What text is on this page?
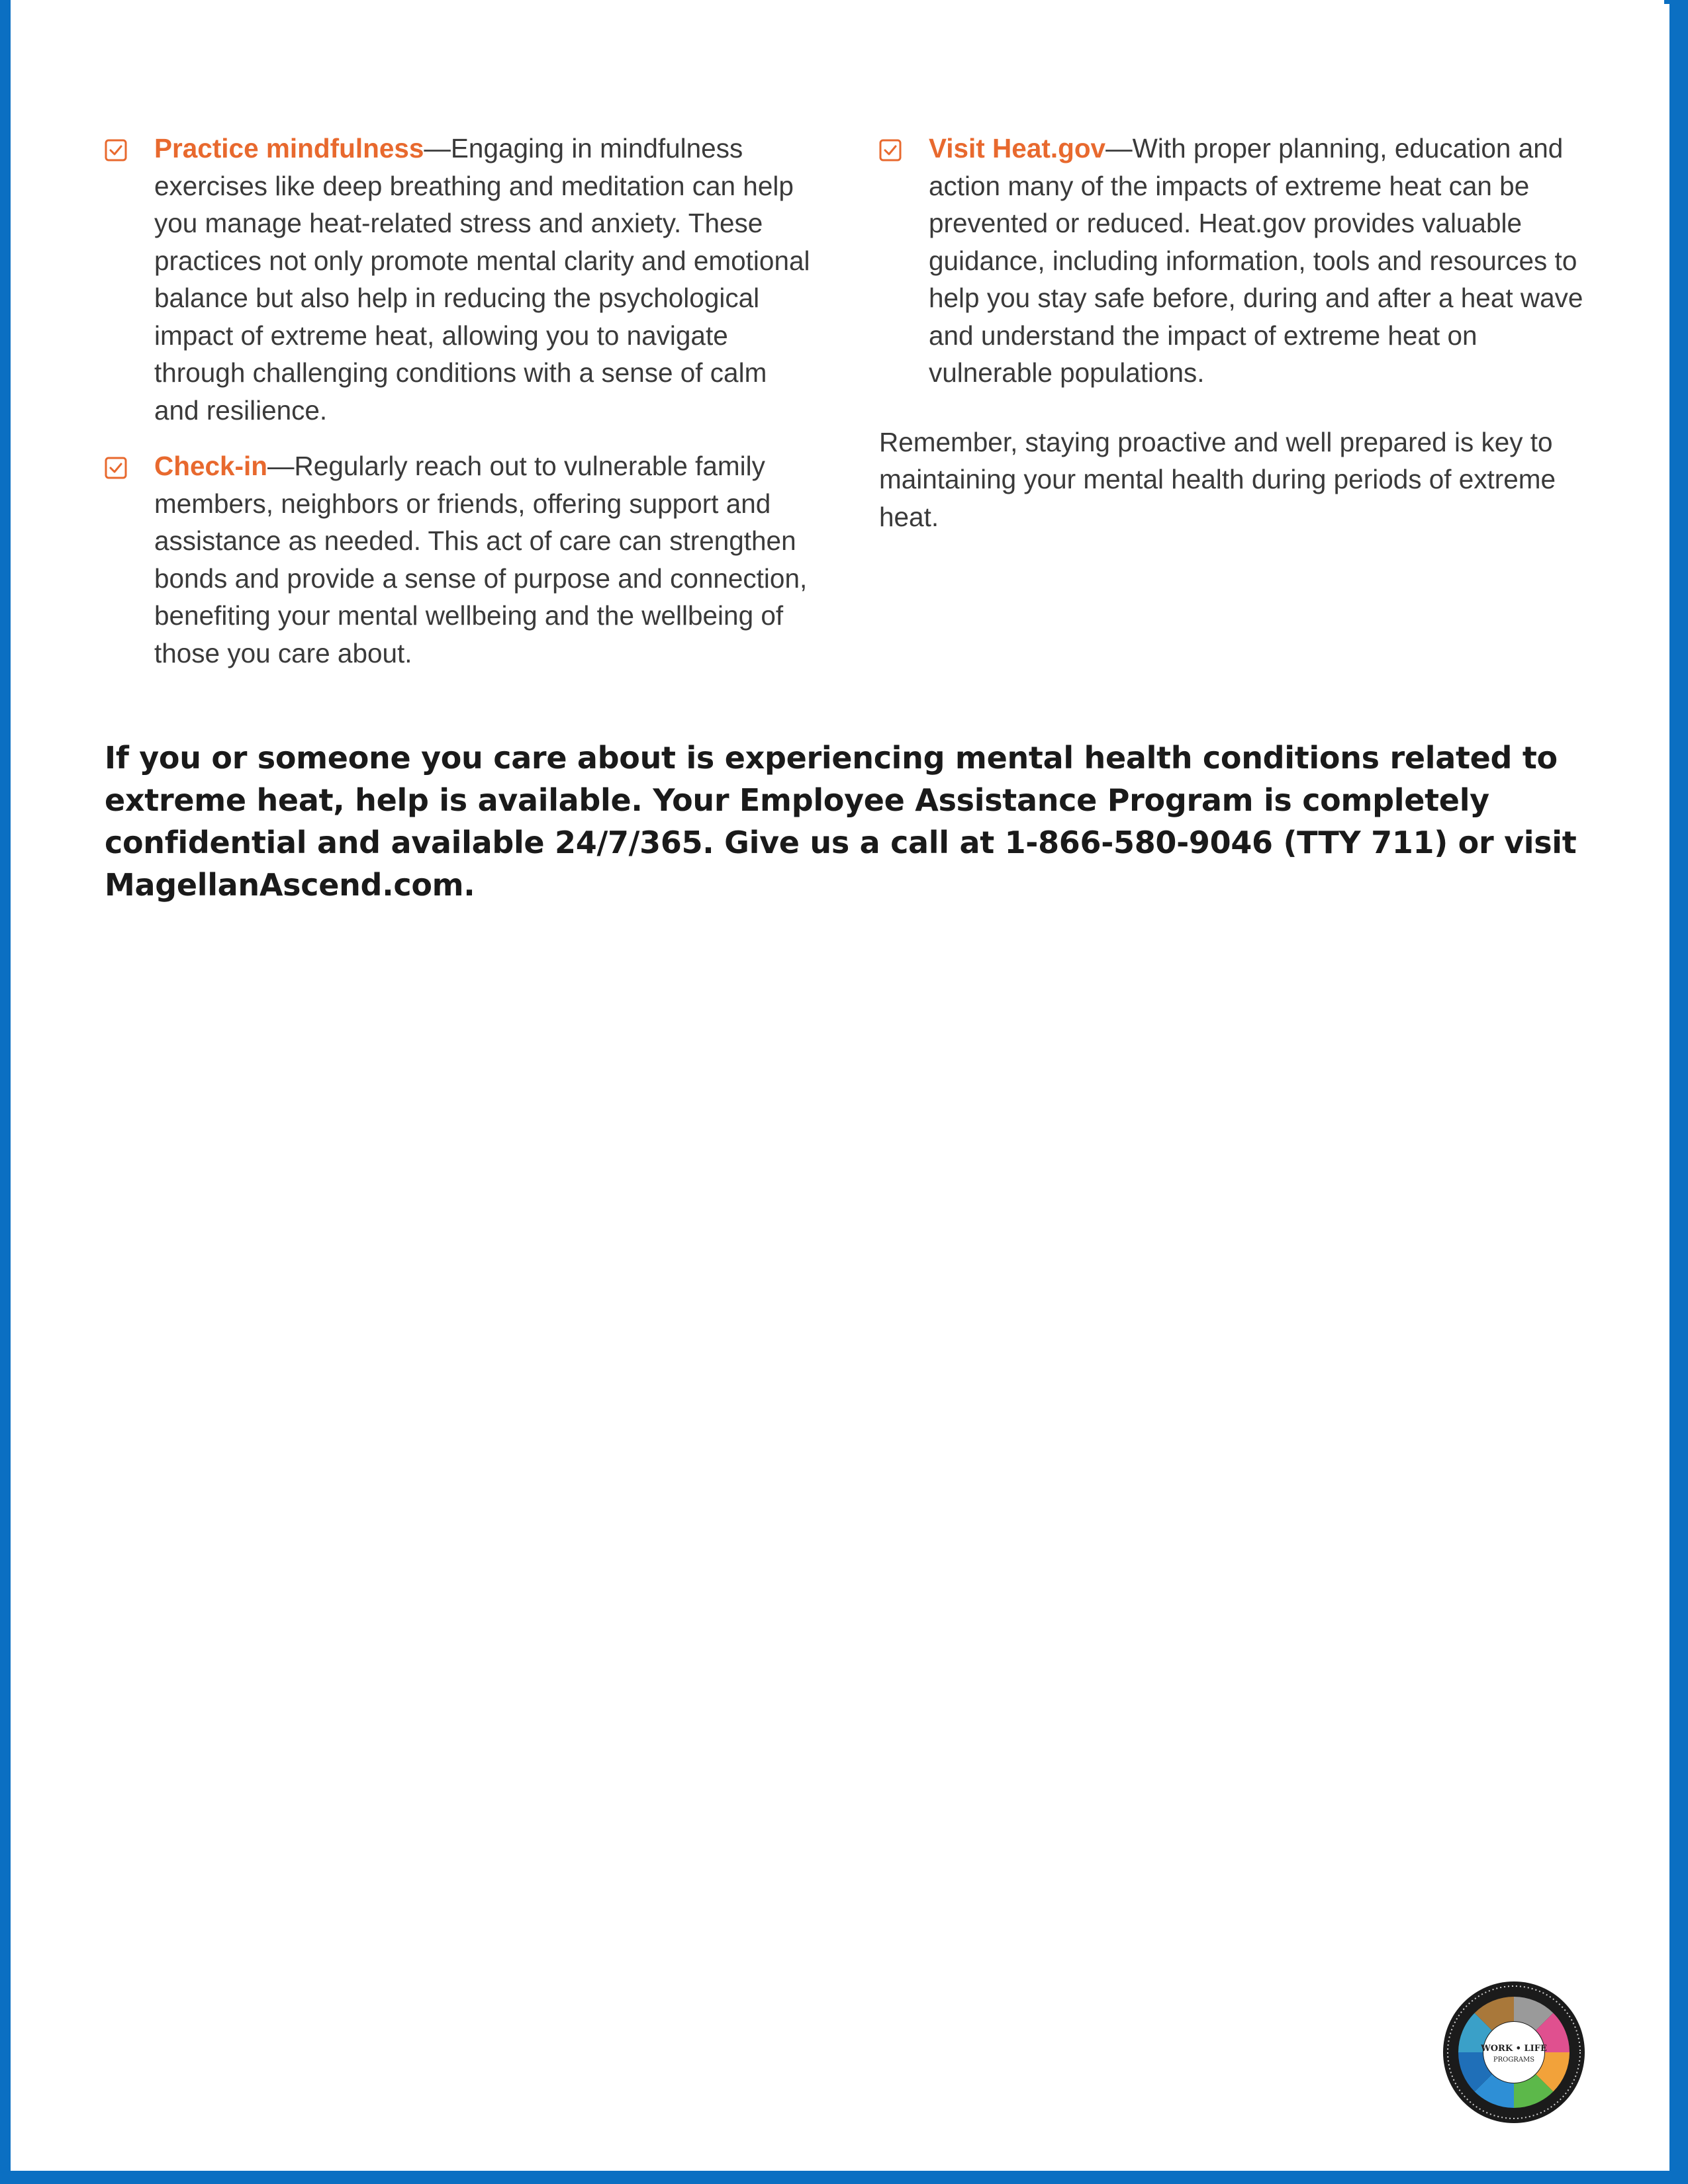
Practice mindfulness—Engaging in mindfulness exercises like deep breathing and meditation can help you manage heat-related stress and anxiety. These practices not only promote mental clarity and emotional balance but also help in reducing the psychological impact of extreme heat, allowing you to navigate through challenging conditions with a sense of calm and resilience.

Check-in—Regularly reach out to vulnerable family members, neighbors or friends, offering support and assistance as needed. This act of care can strengthen bonds and provide a sense of purpose and connection, benefiting your mental wellbeing and the wellbeing of those you care about.

Visit Heat.gov—With proper planning, education and action many of the impacts of extreme heat can be prevented or reduced. Heat.gov provides valuable guidance, including information, tools and resources to help you stay safe before, during and after a heat wave and understand the impact of extreme heat on vulnerable populations.

Remember, staying proactive and well prepared is key to maintaining your mental health during periods of extreme heat.

If you or someone you care about is experiencing mental health conditions related to extreme heat, help is available. Your Employee Assistance Program is completely confidential and available 24/7/365. Give us a call at 1-866-580-9046 (TTY 711) or visit MagellanAscend.com.

WORK • LIFE
PROGRAMS
